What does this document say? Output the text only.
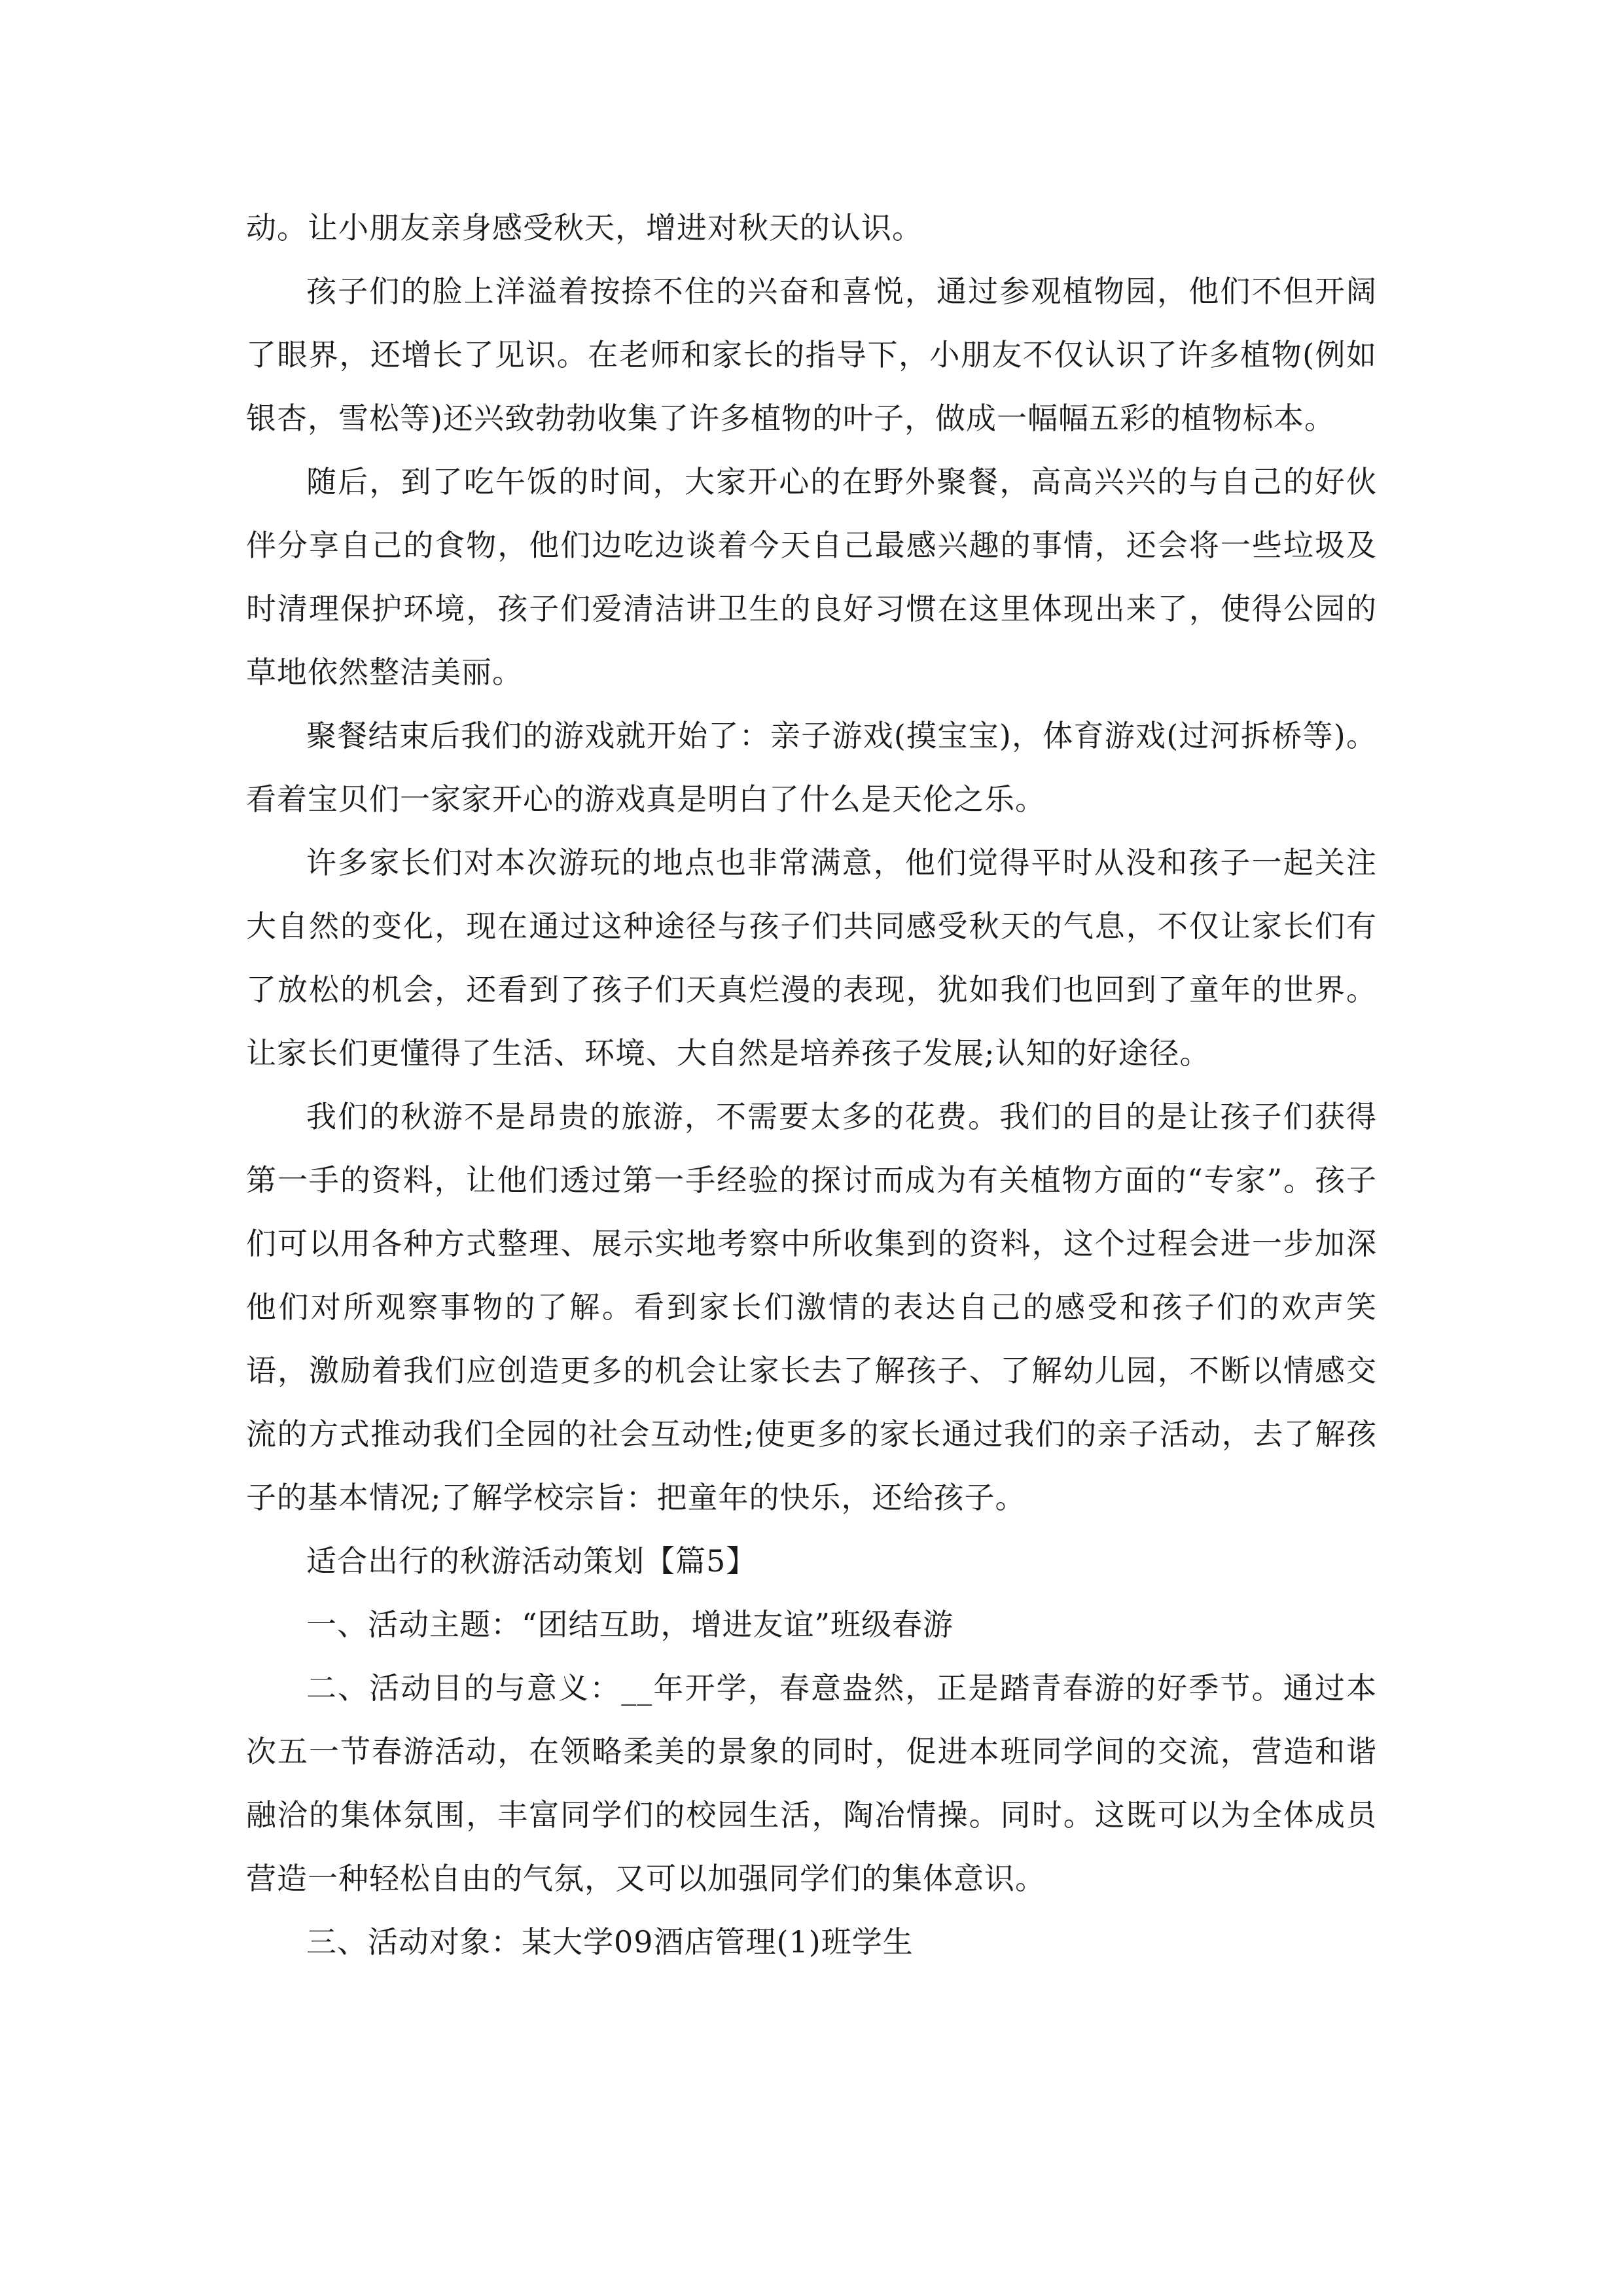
动。让小朋友亲身感受秋天，增进对秋天的认识。

孩子们的脸上洋溢着按捺不住的兴奋和喜悦，通过参观植物园，他们不但开阔了眼界，还增长了见识。在老师和家长的指导下，小朋友不仅认识了许多植物(例如银杏，雪松等)还兴致勃勃收集了许多植物的叶子，做成一幅幅五彩的植物标本。

随后，到了吃午饭的时间，大家开心的在野外聚餐，高高兴兴的与自己的好伙伴分享自己的食物，他们边吃边谈着今天自己最感兴趣的事情，还会将一些垃圾及时清理保护环境，孩子们爱清洁讲卫生的良好习惯在这里体现出来了，使得公园的草地依然整洁美丽。

聚餐结束后我们的游戏就开始了：亲子游戏(摸宝宝)，体育游戏(过河拆桥等)。看着宝贝们一家家开心的游戏真是明白了什么是天伦之乐。

许多家长们对本次游玩的地点也非常满意，他们觉得平时从没和孩子一起关注大自然的变化，现在通过这种途径与孩子们共同感受秋天的气息，不仅让家长们有了放松的机会，还看到了孩子们天真烂漫的表现，犹如我们也回到了童年的世界。让家长们更懂得了生活、环境、大自然是培养孩子发展;认知的好途径。

我们的秋游不是昂贵的旅游，不需要太多的花费。我们的目的是让孩子们获得第一手的资料，让他们透过第一手经验的探讨而成为有关植物方面的“专家”。孩子们可以用各种方式整理、展示实地考察中所收集到的资料，这个过程会进一步加深他们对所观察事物的了解。看到家长们激情的表达自己的感受和孩子们的欢声笑语，激励着我们应创造更多的机会让家长去了解孩子、了解幼儿园，不断以情感交流的方式推动我们全园的社会互动性;使更多的家长通过我们的亲子活动，去了解孩子的基本情况;了解学校宗旨：把童年的快乐，还给孩子。

适合出行的秋游活动策划【篇5】

一、活动主题：“团结互助，增进友谊”班级春游

二、活动目的与意义：__年开学，春意盎然，正是踏青春游的好季节。通过本次五一节春游活动，在领略柔美的景象的同时，促进本班同学间的交流，营造和谐融洽的集体氛围，丰富同学们的校园生活，陶冶情操。同时。这既可以为全体成员营造一种轻松自由的气氛，又可以加强同学们的集体意识。

三、活动对象：某大学09酒店管理(1)班学生
